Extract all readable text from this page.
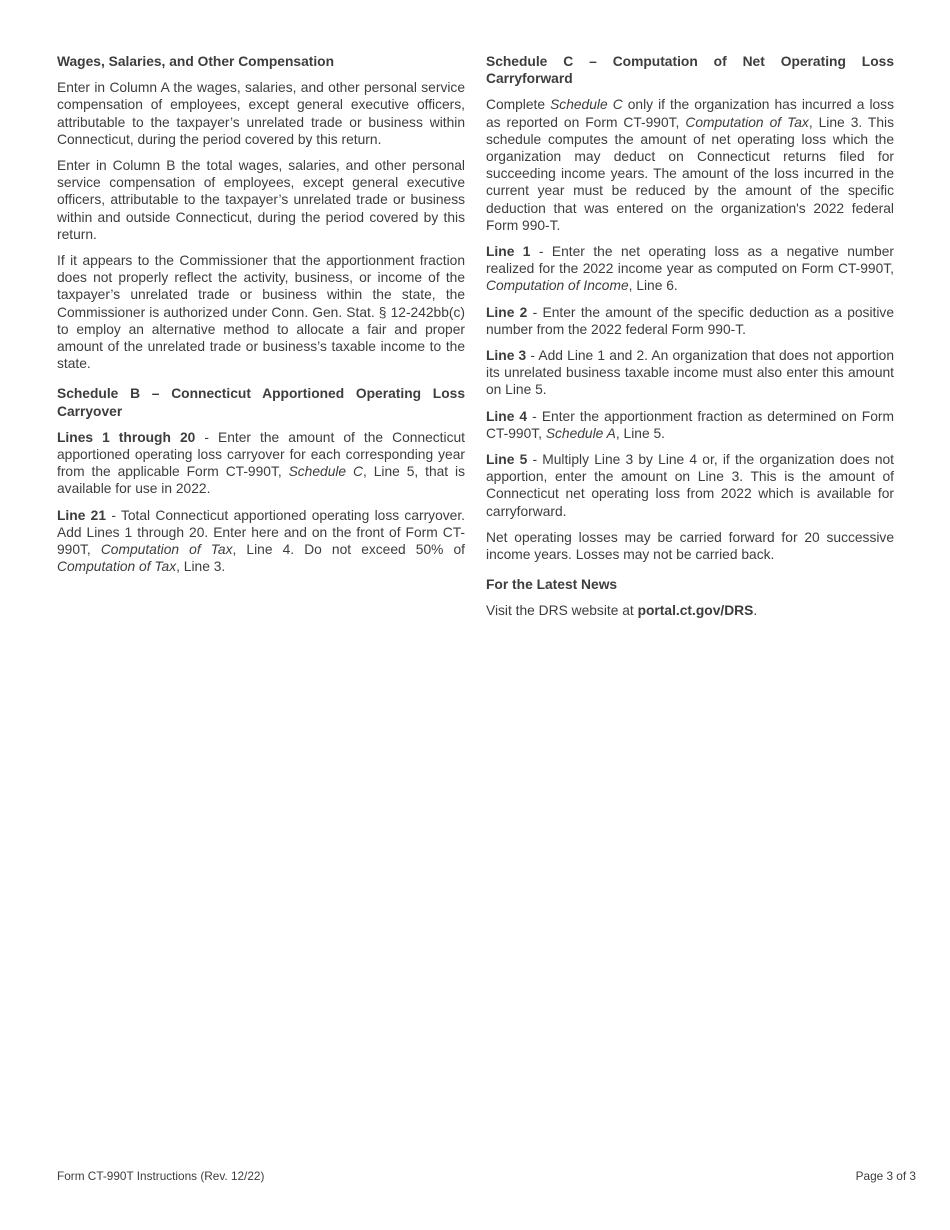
Wages, Salaries, and Other Compensation

Enter in Column A the wages, salaries, and other personal service compensation of employees, except general executive officers, attributable to the taxpayer’s unrelated trade or business within Connecticut, during the period covered by this return.

Enter in Column B the total wages, salaries, and other personal service compensation of employees, except general executive officers, attributable to the taxpayer’s unrelated trade or business within and outside Connecticut, during the period covered by this return.

If it appears to the Commissioner that the apportionment fraction does not properly reflect the activity, business, or income of the taxpayer’s unrelated trade or business within the state, the Commissioner is authorized under Conn. Gen. Stat. § 12-242bb(c) to employ an alternative method to allocate a fair and proper amount of the unrelated trade or business’s taxable income to the state.

Schedule B – Connecticut Apportioned Operating Loss Carryover

Lines 1 through 20 - Enter the amount of the Connecticut apportioned operating loss carryover for each corresponding year from the applicable Form CT-990T, Schedule C, Line 5, that is available for use in 2022.

Line 21 - Total Connecticut apportioned operating loss carryover. Add Lines 1 through 20. Enter here and on the front of Form CT-990T, Computation of Tax, Line 4. Do not exceed 50% of Computation of Tax, Line 3.

Schedule C – Computation of Net Operating Loss Carryforward

Complete Schedule C only if the organization has incurred a loss as reported on Form CT-990T, Computation of Tax, Line 3. This schedule computes the amount of net operating loss which the organization may deduct on Connecticut returns filed for succeeding income years. The amount of the loss incurred in the current year must be reduced by the amount of the specific deduction that was entered on the organization's 2022 federal Form 990-T.

Line 1 - Enter the net operating loss as a negative number realized for the 2022 income year as computed on Form CT-990T, Computation of Income, Line 6.

Line 2 - Enter the amount of the specific deduction as a positive number from the 2022 federal Form 990-T.

Line 3 - Add Line 1 and 2. An organization that does not apportion its unrelated business taxable income must also enter this amount on Line 5.

Line 4 - Enter the apportionment fraction as determined on Form CT-990T, Schedule A, Line 5.

Line 5 - Multiply Line 3 by Line 4 or, if the organization does not apportion, enter the amount on Line 3. This is the amount of Connecticut net operating loss from 2022 which is available for carryforward.

Net operating losses may be carried forward for 20 successive income years. Losses may not be carried back.

For the Latest News

Visit the DRS website at portal.ct.gov/DRS.

Form CT-990T Instructions (Rev. 12/22)	Page 3 of 3
